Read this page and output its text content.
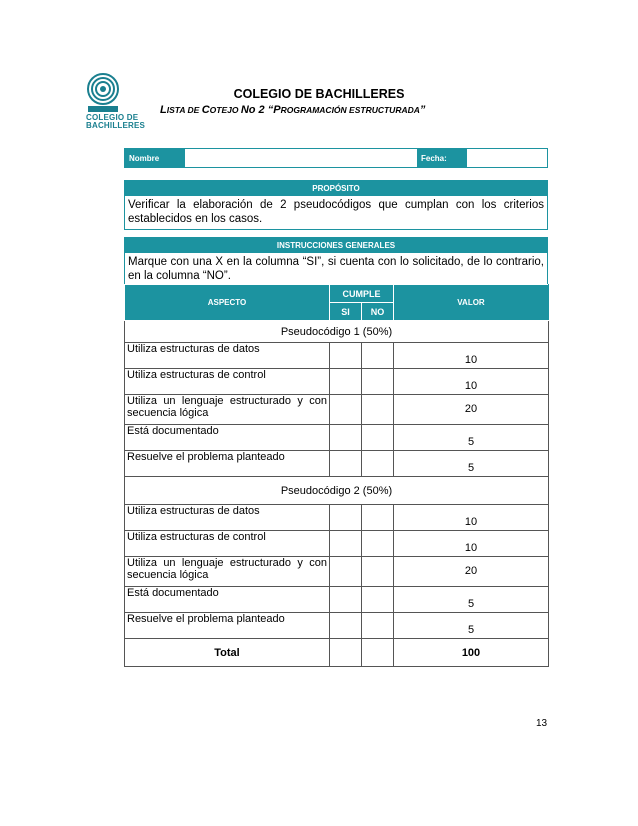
COLEGIO DE
BACHILLERES
COLEGIO DE BACHILLERES
LISTA DE COTEJO No 2 “PROGRAMACIÓN ESTRUCTURADA”
Nombre	Fecha:
PROPÓSITO
Verificar la elaboración de 2 pseudocódigos que cumplan con los criterios establecidos en los casos.
INSTRUCCIONES GENERALES
Marque con una X en la columna “SI”, si cuenta con lo solicitado, de lo contrario, en la columna “NO”.
ASPECTO	CUMPLE		VALOR
	SI	NO	
Pseudocódigo 1 (50%)			
Utiliza estructuras de datos			10
Utiliza estructuras de control			10
Utiliza un lenguaje estructurado y con secuencia lógica			20
Está documentado			5
Resuelve el problema planteado			5
Pseudocódigo 2 (50%)			
Utiliza estructuras de datos			10
Utiliza estructuras de control			10
Utiliza un lenguaje estructurado y con secuencia lógica			20
Está documentado			5
Resuelve el problema planteado			5
Total			100
13
